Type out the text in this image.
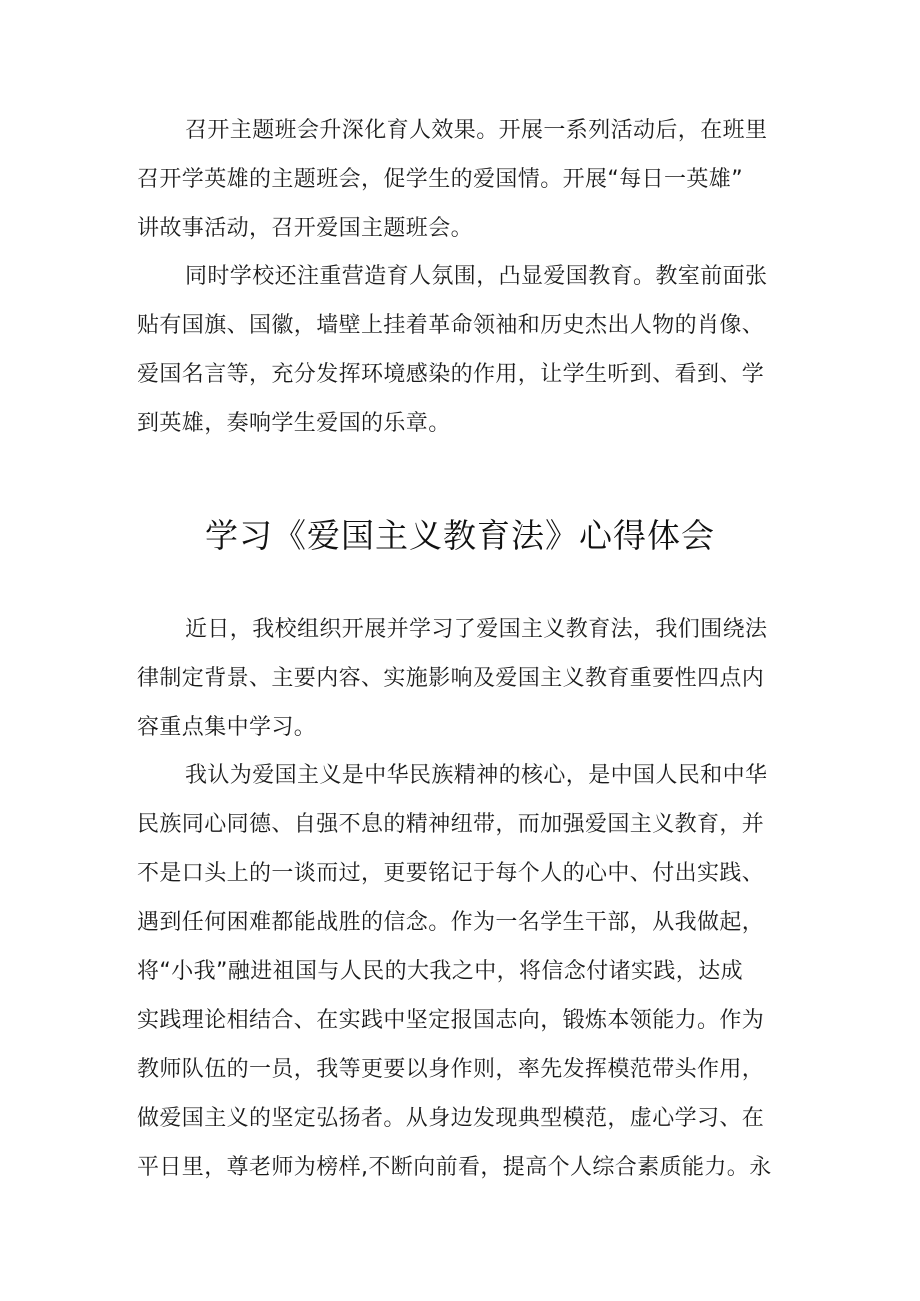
召开主题班会升深化育人效果。开展一系列活动后，在班里
召开学英雄的主题班会，促学生的爱国情。开展“每日一英雄”
讲故事活动，召开爱国主题班会。
同时学校还注重营造育人氛围，凸显爱国教育。教室前面张
贴有国旗、国徽，墙壁上挂着革命领袖和历史杰出人物的肖像、
爱国名言等，充分发挥环境感染的作用，让学生听到、看到、学
到英雄，奏响学生爱国的乐章。
学习《爱国主义教育法》心得体会
近日，我校组织开展并学习了爱国主义教育法，我们围绕法
律制定背景、主要内容、实施影响及爱国主义教育重要性四点内
容重点集中学习。
我认为爱国主义是中华民族精神的核心，是中国人民和中华
民族同心同德、自强不息的精神纽带，而加强爱国主义教育，并
不是口头上的一谈而过，更要铭记于每个人的心中、付出实践、
遇到任何困难都能战胜的信念。作为一名学生干部，从我做起，
将“小我”融进祖国与人民的大我之中，将信念付诸实践，达成
实践理论相结合、在实践中坚定报国志向，锻炼本领能力。作为
教师队伍的一员，我等更要以身作则，率先发挥模范带头作用，
做爱国主义的坚定弘扬者。从身边发现典型模范，虚心学习、在
平日里，尊老师为榜样,不断向前看，提高个人综合素质能力。永
